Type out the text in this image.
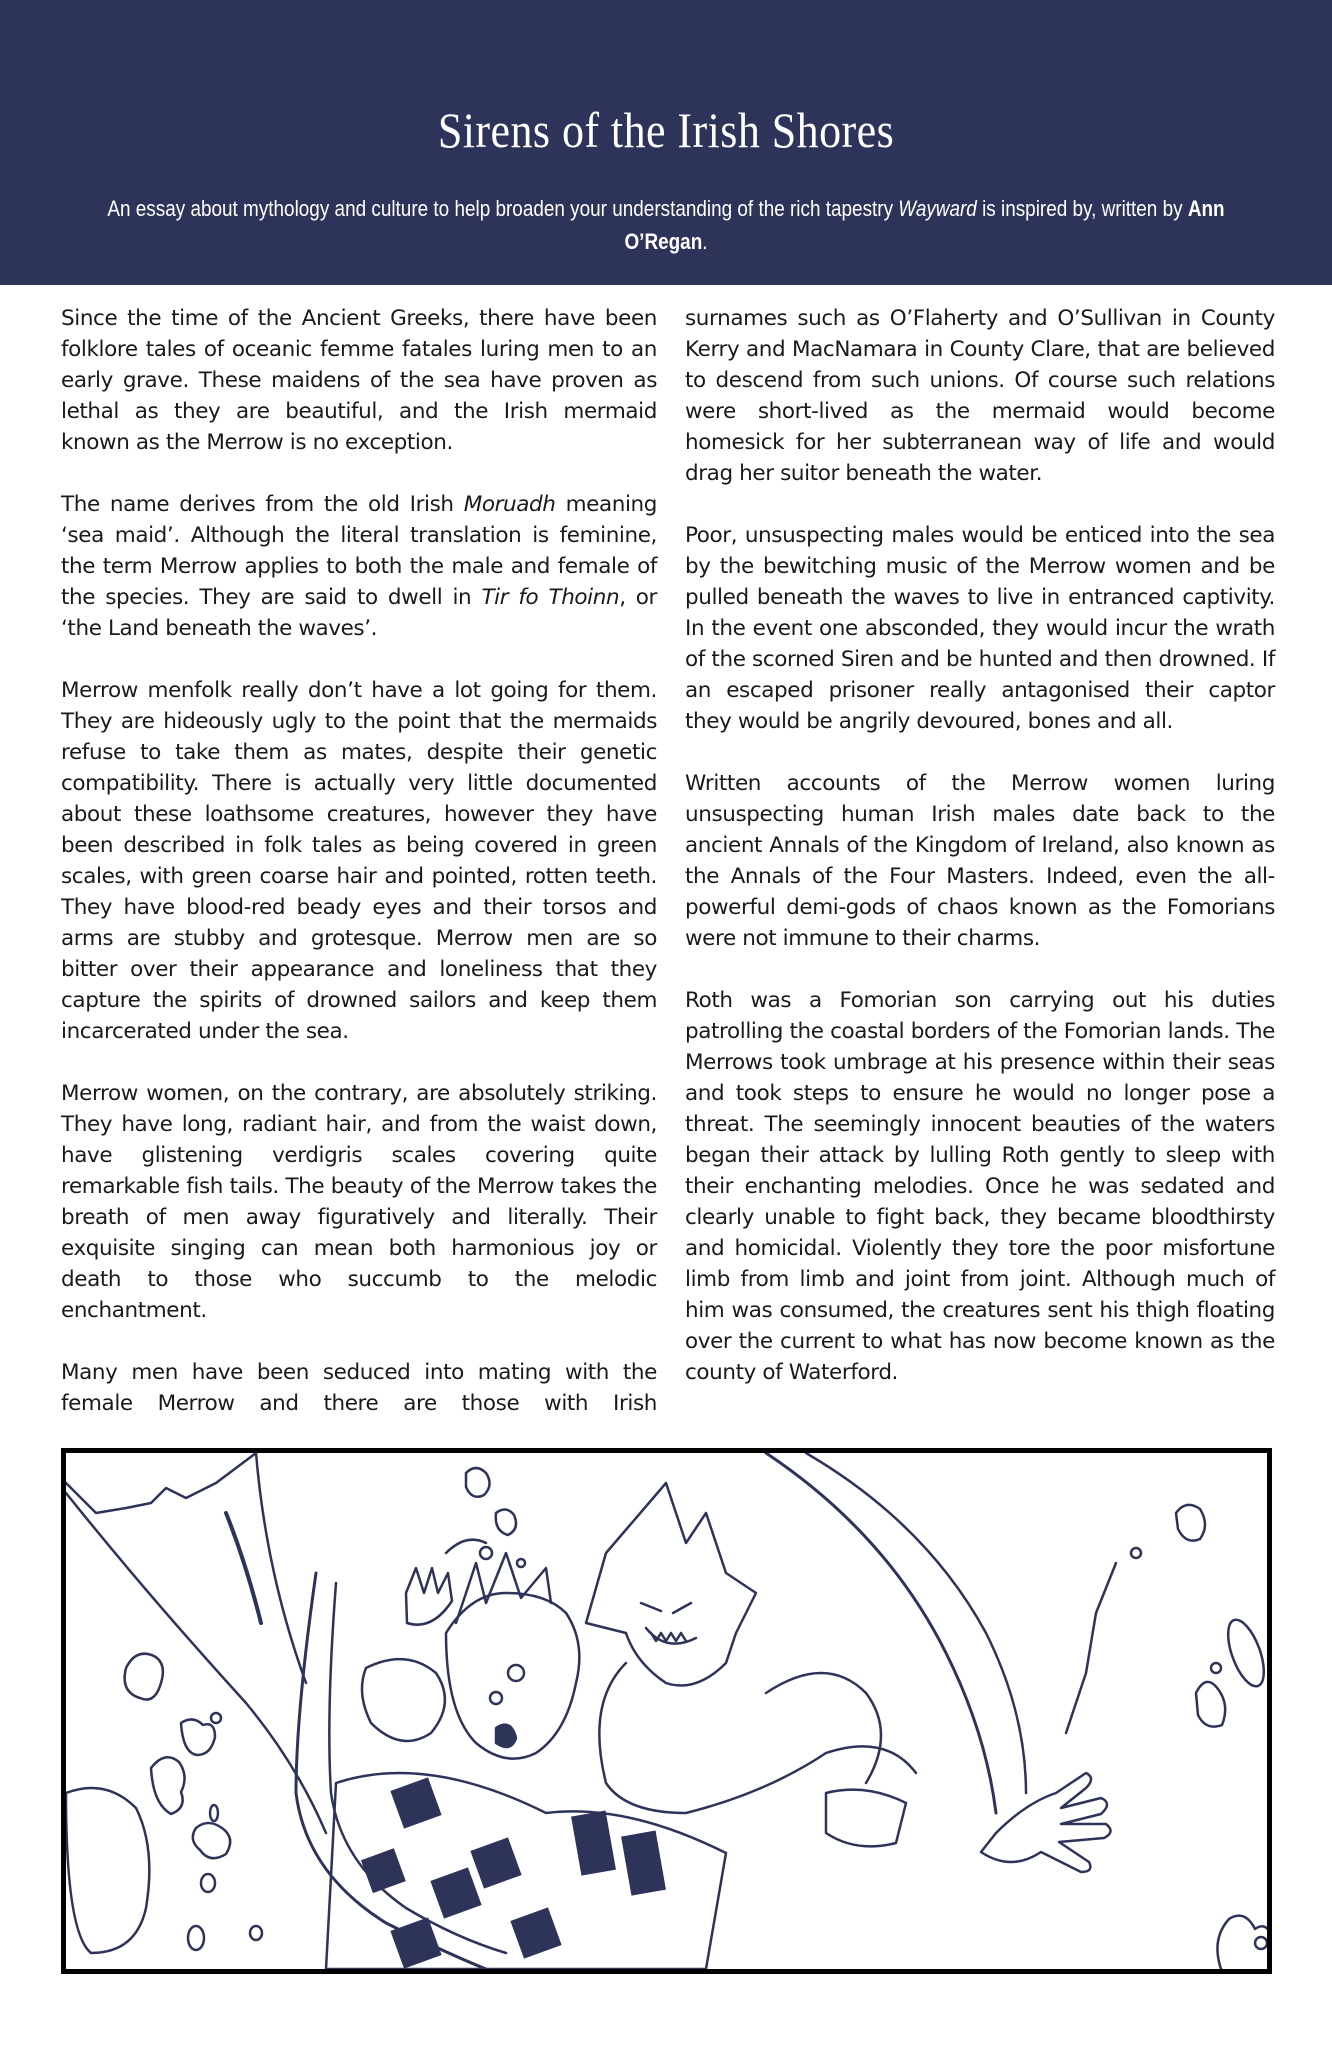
Sirens of the Irish Shores

An essay about mythology and culture to help broaden your understanding of the rich tapestry Wayward is inspired by, written by Ann O’Regan.

Since the time of the Ancient Greeks, there have been folklore tales of oceanic femme fatales luring men to an early grave. These maidens of the sea have proven as lethal as they are beautiful, and the Irish mermaid known as the Merrow is no exception.

The name derives from the old Irish Moruadh meaning ‘sea maid’. Although the literal translation is feminine, the term Merrow applies to both the male and female of the species. They are said to dwell in Tir fo Thoinn, or ‘the Land beneath the waves’.

Merrow menfolk really don’t have a lot going for them. They are hideously ugly to the point that the mermaids refuse to take them as mates, despite their genetic compatibility. There is actually very little documented about these loathsome creatures, however they have been described in folk tales as being covered in green scales, with green coarse hair and pointed, rotten teeth. They have blood-red beady eyes and their torsos and arms are stubby and grotesque. Merrow men are so bitter over their appearance and loneliness that they capture the spirits of drowned sailors and keep them incarcerated under the sea.

Merrow women, on the contrary, are absolutely striking. They have long, radiant hair, and from the waist down, have glistening verdigris scales covering quite remarkable fish tails. The beauty of the Merrow takes the breath of men away figuratively and literally. Their exquisite singing can mean both harmonious joy or death to those who succumb to the melodic enchantment.

Many men have been seduced into mating with the female Merrow and there are those with Irish

surnames such as O’Flaherty and O’Sullivan in County Kerry and MacNamara in County Clare, that are believed to descend from such unions. Of course such relations were short-lived as the mermaid would become homesick for her subterranean way of life and would drag her suitor beneath the water.

Poor, unsuspecting males would be enticed into the sea by the bewitching music of the Merrow women and be pulled beneath the waves to live in entranced captivity. In the event one absconded, they would incur the wrath of the scorned Siren and be hunted and then drowned. If an escaped prisoner really antagonised their captor they would be angrily devoured, bones and all.

Written accounts of the Merrow women luring unsuspecting human Irish males date back to the ancient Annals of the Kingdom of Ireland, also known as the Annals of the Four Masters. Indeed, even the all-powerful demi-gods of chaos known as the Fomorians were not immune to their charms.

Roth was a Fomorian son carrying out his duties patrolling the coastal borders of the Fomorian lands. The Merrows took umbrage at his presence within their seas and took steps to ensure he would no longer pose a threat. The seemingly innocent beauties of the waters began their attack by lulling Roth gently to sleep with their enchanting melodies. Once he was sedated and clearly unable to fight back, they became bloodthirsty and homicidal. Violently they tore the poor misfortune limb from limb and joint from joint. Although much of him was consumed, the creatures sent his thigh floating over the current to what has now become known as the county of Waterford.
